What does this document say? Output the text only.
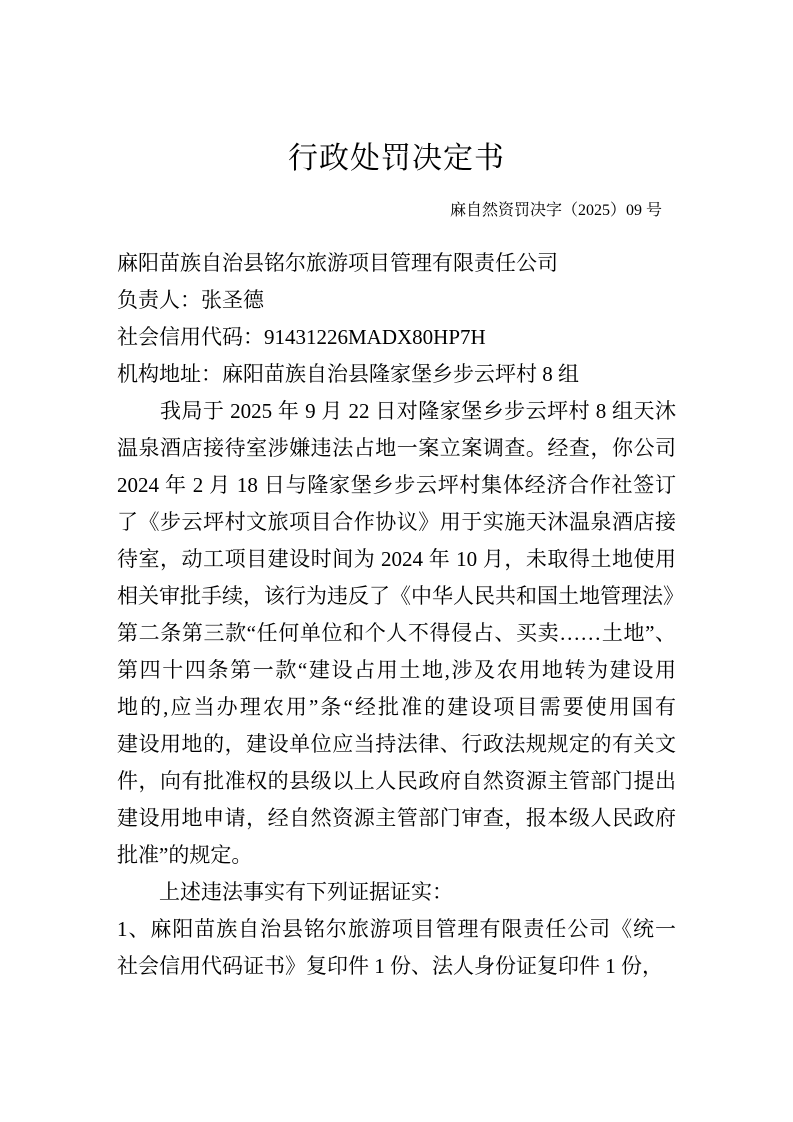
行政处罚决定书
麻自然资罚决字（2025）09 号
麻阳苗族自治县铭尔旅游项目管理有限责任公司
负责人：张圣德
社会信用代码：91431226MADX80HP7H
机构地址：麻阳苗族自治县隆家堡乡步云坪村 8 组
　　我局于 2025 年 9 月 22 日对隆家堡乡步云坪村 8 组天沐
温泉酒店接待室涉嫌违法占地一案立案调查。经查，你公司
2024 年 2 月 18 日与隆家堡乡步云坪村集体经济合作社签订
了《步云坪村文旅项目合作协议》用于实施天沐温泉酒店接
待室，动工项目建设时间为 2024 年 10 月，未取得土地使用
相关审批手续，该行为违反了《中华人民共和国土地管理法》
第二条第三款“任何单位和个人不得侵占、买卖……土地”、
第四十四条第一款“建设占用土地,涉及农用地转为建设用
地的,应当办理农用”条“经批准的建设项目需要使用国有
建设用地的，建设单位应当持法律、行政法规规定的有关文
件，向有批准权的县级以上人民政府自然资源主管部门提出
建设用地申请，经自然资源主管部门审查，报本级人民政府
批准”的规定。
　　上述违法事实有下列证据证实：
1、麻阳苗族自治县铭尔旅游项目管理有限责任公司《统一
社会信用代码证书》复印件 1 份、法人身份证复印件 1 份，
